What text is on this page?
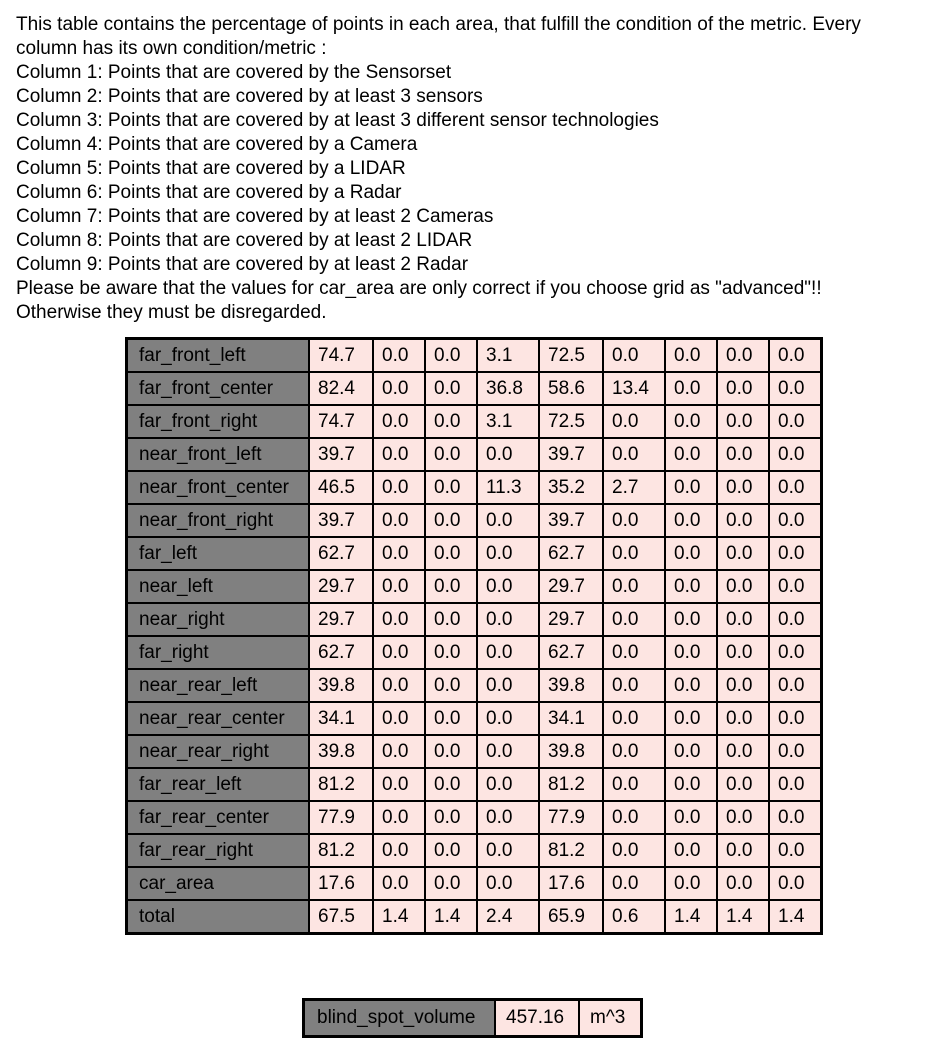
This table contains the percentage of points in each area, that fulfill the condition of the metric. Every column has its own condition/metric :
Column 1: Points that are covered by the Sensorset
Column 2: Points that are covered by at least 3 sensors
Column 3: Points that are covered by at least 3 different sensor technologies
Column 4: Points that are covered by a Camera
Column 5: Points that are covered by a LIDAR
Column 6: Points that are covered by a Radar
Column 7: Points that are covered by at least 2 Cameras
Column 8: Points that are covered by at least 2 LIDAR
Column 9: Points that are covered by at least 2 Radar
Please be aware that the values for car_area are only correct if you choose grid as "advanced"!!
Otherwise they must be disregarded.
far_front_left	74.7	0.0	0.0	3.1	72.5	0.0	0.0	0.0	0.0
far_front_center	82.4	0.0	0.0	36.8	58.6	13.4	0.0	0.0	0.0
far_front_right	74.7	0.0	0.0	3.1	72.5	0.0	0.0	0.0	0.0
near_front_left	39.7	0.0	0.0	0.0	39.7	0.0	0.0	0.0	0.0
near_front_center	46.5	0.0	0.0	11.3	35.2	2.7	0.0	0.0	0.0
near_front_right	39.7	0.0	0.0	0.0	39.7	0.0	0.0	0.0	0.0
far_left	62.7	0.0	0.0	0.0	62.7	0.0	0.0	0.0	0.0
near_left	29.7	0.0	0.0	0.0	29.7	0.0	0.0	0.0	0.0
near_right	29.7	0.0	0.0	0.0	29.7	0.0	0.0	0.0	0.0
far_right	62.7	0.0	0.0	0.0	62.7	0.0	0.0	0.0	0.0
near_rear_left	39.8	0.0	0.0	0.0	39.8	0.0	0.0	0.0	0.0
near_rear_center	34.1	0.0	0.0	0.0	34.1	0.0	0.0	0.0	0.0
near_rear_right	39.8	0.0	0.0	0.0	39.8	0.0	0.0	0.0	0.0
far_rear_left	81.2	0.0	0.0	0.0	81.2	0.0	0.0	0.0	0.0
far_rear_center	77.9	0.0	0.0	0.0	77.9	0.0	0.0	0.0	0.0
far_rear_right	81.2	0.0	0.0	0.0	81.2	0.0	0.0	0.0	0.0
car_area	17.6	0.0	0.0	0.0	17.6	0.0	0.0	0.0	0.0
total	67.5	1.4	1.4	2.4	65.9	0.6	1.4	1.4	1.4
blind_spot_volume	457.16	m^3
